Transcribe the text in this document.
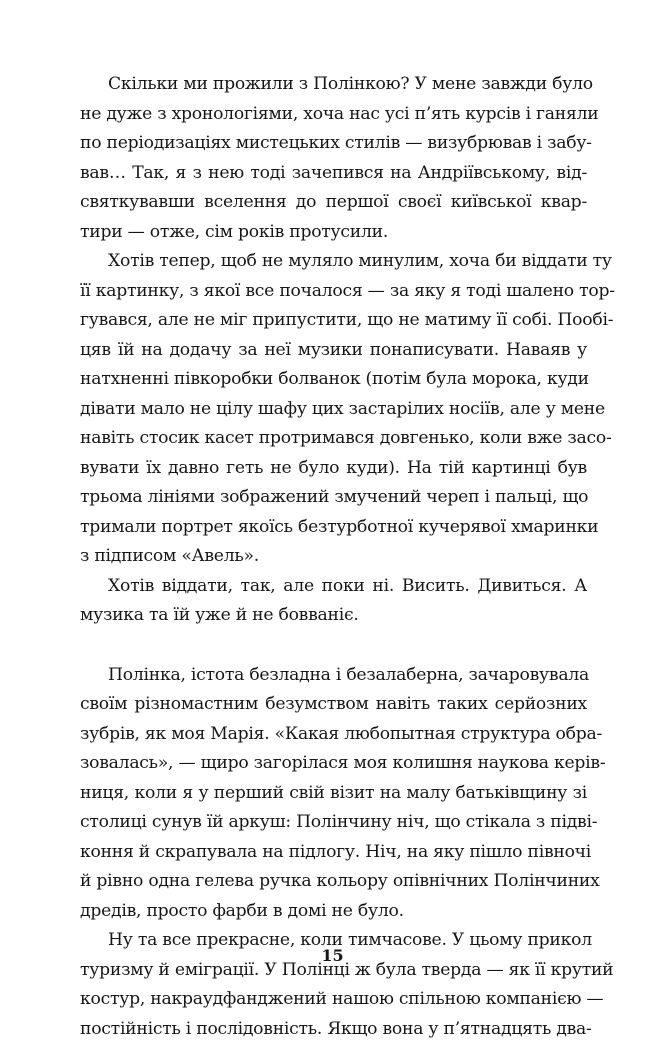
Скільки ми прожили з Полінкою? У мене завжди було
не дуже з хронологіями, хоча нас усі п’ять курсів і ганяли
по періодизаціях мистецьких стилів — визубрював і забу-
вав… Так, я з нею тоді зачепився на Андріївському, від-
святкувавши вселення до першої своєї київської квар-
тири — отже, сім років протусили.
Хотів тепер, щоб не муляло минулим, хоча би віддати ту
її картинку, з якої все почалося — за яку я тоді шалено тор-
гувався, але не міг припустити, що не матиму її собі. Пообі-
цяв їй на додачу за неї музики понаписувати. Наваяв у
натхненні півкоробки болванок (потім була морока, куди
дівати мало не цілу шафу цих застарілих носіїв, але у мене
навіть стосик касет протримався довгенько, коли вже засо-
вувати їх давно геть не було куди). На тій картинці був
трьома лініями зображений змучений череп і пальці, що
тримали портрет якоїсь безтурботної кучерявої хмаринки
з підписом «Авель».
Хотів віддати, так, але поки ні. Висить. Дивиться. А
музика та їй уже й не бовваніє.
Полінка, істота безладна і безалаберна, зачаровувала
своїм різномастним безумством навіть таких серйозних
зубрів, як моя Марія. «Какая любопытная структура обра-
зовалась», — щиро загорілася моя колишня наукова керів-
ниця, коли я у перший свій візит на малу батьківщину зі
столиці сунув їй аркуш: Полінчину ніч, що стікала з підві-
коння й скрапувала на підлогу. Ніч, на яку пішло півночі
й рівно одна гелева ручка кольору опівнічних Полінчиних
дредів, просто фарби в домі не було.
Ну та все прекрасне, коли тимчасове. У цьому прикол
туризму й еміграції. У Полінці ж була тверда — як її крутий
костур, накраудфанджений нашою спільною компанією —
постійність і послідовність. Якщо вона у п’ятнадцять два-
15
